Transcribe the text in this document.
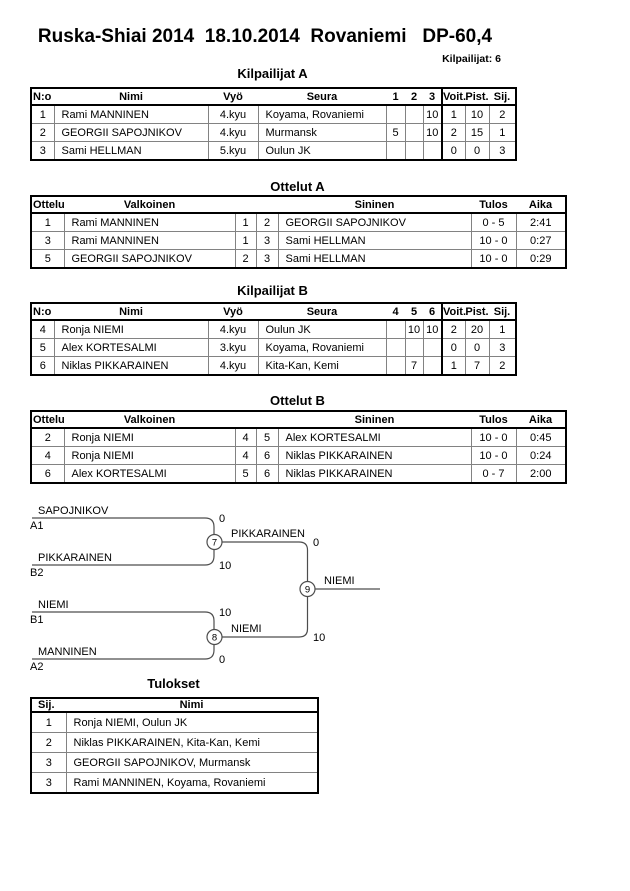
Ruska-Shiai 2014  18.10.2014  Rovaniemi   DP-60,4
Kilpailijat: 6
Kilpailijat A
N:o	Nimi	Vyö	Seura	1	2	3	Voit.	Pist.	Sij.
1	Rami MANNINEN	4.kyu	Koyama, Rovaniemi			10	1	10	2
2	GEORGII SAPOJNIKOV	4.kyu	Murmansk	5		10	2	15	1
3	Sami HELLMAN	5.kyu	Oulun JK				0	0	3
Ottelut A
Ottelu	Valkoinen			Sininen	Tulos	Aika
1	Rami MANNINEN	1	2	GEORGII SAPOJNIKOV	0 - 5	2:41
3	Rami MANNINEN	1	3	Sami HELLMAN	10 - 0	0:27
5	GEORGII SAPOJNIKOV	2	3	Sami HELLMAN	10 - 0	0:29
Kilpailijat B
N:o	Nimi	Vyö	Seura	4	5	6	Voit.	Pist.	Sij.
4	Ronja NIEMI	4.kyu	Oulun JK		10	10	2	20	1
5	Alex KORTESALMI	3.kyu	Koyama, Rovaniemi				0	0	3
6	Niklas PIKKARAINEN	4.kyu	Kita-Kan, Kemi		7		1	7	2
Ottelut B
Ottelu	Valkoinen			Sininen	Tulos	Aika
2	Ronja NIEMI	4	5	Alex KORTESALMI	10 - 0	0:45
4	Ronja NIEMI	4	6	Niklas PIKKARAINEN	10 - 0	0:24
6	Alex KORTESALMI	5	6	Niklas PIKKARAINEN	0 - 7	2:00
7
8
9
SAPOJNIKOV
A1
0
PIKKARAINEN
B2
10
PIKKARAINEN
0
NIEMI
B1
10
MANNINEN
A2
0
NIEMI
10
NIEMI
Tulokset
Sij.	Nimi
1	Ronja NIEMI, Oulun JK
2	Niklas PIKKARAINEN, Kita-Kan, Kemi
3	GEORGII SAPOJNIKOV, Murmansk
3	Rami MANNINEN, Koyama, Rovaniemi
